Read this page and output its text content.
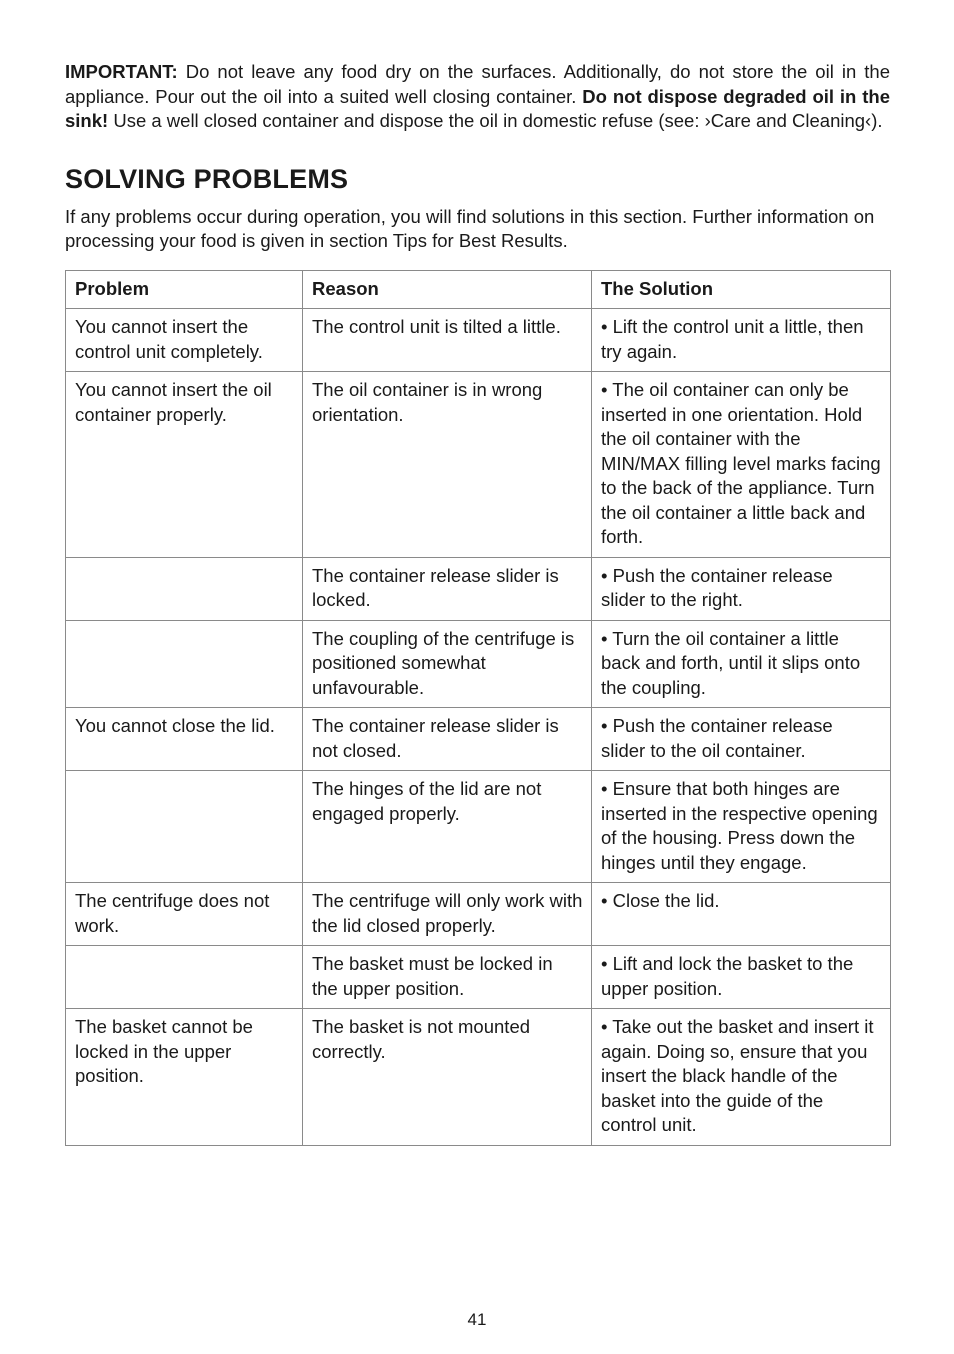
IMPORTANT: Do not leave any food dry on the surfaces. Additionally, do not store the oil in the appliance. Pour out the oil into a suited well closing container. Do not dispose degraded oil in the sink! Use a well closed container and dispose the oil in domestic refuse (see: ›Care and Cleaning‹).

SOLVING PROBLEMS

If any problems occur during operation, you will find solutions in this section. Further information on processing your food is given in section Tips for Best Results.

Problem	Reason	The Solution
You cannot insert the control unit completely.	The control unit is tilted a little.	• Lift the control unit a little, then try again.
You cannot insert the oil container properly.	The oil container is in wrong orientation.	• The oil container can only be inserted in one orientation. Hold the oil container with the MIN/MAX filling level marks facing to the back of the appliance. Turn the oil container a little back and forth.
	The container release slider is locked.	• Push the container release slider to the right.
	The coupling of the centrifuge is positioned somewhat unfavourable.	• Turn the oil container a little back and forth, until it slips onto the coupling.
You cannot close the lid.	The container release slider is not closed.	• Push the container release slider to the oil container.
	The hinges of the lid are not engaged properly.	• Ensure that both hinges are inserted in the respective opening of the housing. Press down the hinges until they engage.
The centrifuge does not work.	The centrifuge will only work with the lid closed properly.	• Close the lid.
	The basket must be locked in the upper position.	• Lift and lock the basket to the upper position.
The basket cannot be locked in the upper position.	The basket is not mounted correctly.	• Take out the basket and insert it again. Doing so, ensure that you insert the black handle of the basket into the guide of the control unit.
41
